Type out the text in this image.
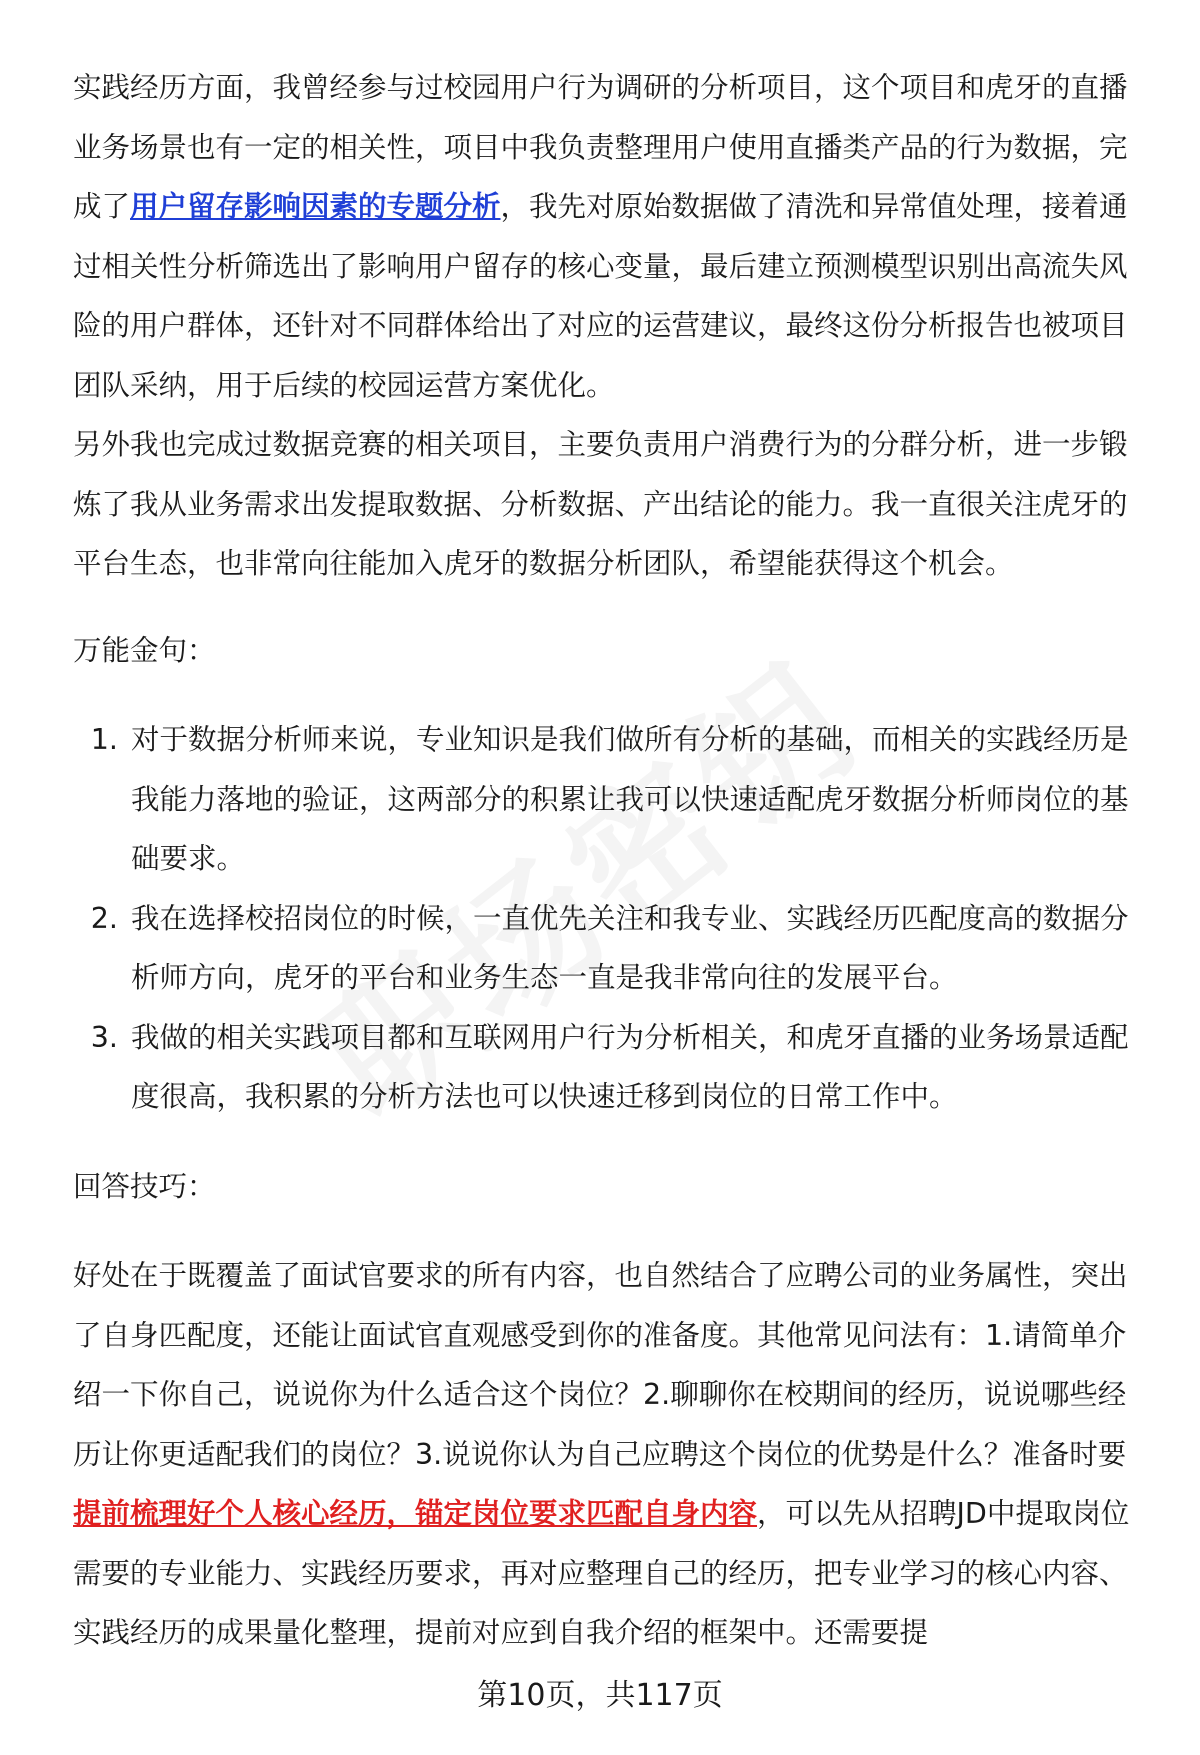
实践经历方面，我曾经参与过校园用户行为调研的分析项目，这个项目和虎牙的直播业务场景也有一定的相关性，项目中我负责整理用户使用直播类产品的行为数据，完成了用户留存影响因素的专题分析，我先对原始数据做了清洗和异常值处理，接着通过相关性分析筛选出了影响用户留存的核心变量，最后建立预测模型识别出高流失风险的用户群体，还针对不同群体给出了对应的运营建议，最终这份分析报告也被项目团队采纳，用于后续的校园运营方案优化。

另外我也完成过数据竞赛的相关项目，主要负责用户消费行为的分群分析，进一步锻炼了我从业务需求出发提取数据、分析数据、产出结论的能力。我一直很关注虎牙的平台生态，也非常向往能加入虎牙的数据分析团队，希望能获得这个机会。

万能金句：

1. 对于数据分析师来说，专业知识是我们做所有分析的基础，而相关的实践经历是我能力落地的验证，这两部分的积累让我可以快速适配虎牙数据分析师岗位的基础要求。
2. 我在选择校招岗位的时候，一直优先关注和我专业、实践经历匹配度高的数据分析师方向，虎牙的平台和业务生态一直是我非常向往的发展平台。
3. 我做的相关实践项目都和互联网用户行为分析相关，和虎牙直播的业务场景适配度很高，我积累的分析方法也可以快速迁移到岗位的日常工作中。

回答技巧：

好处在于既覆盖了面试官要求的所有内容，也自然结合了应聘公司的业务属性，突出了自身匹配度，还能让面试官直观感受到你的准备度。其他常见问法有：1.请简单介绍一下你自己，说说你为什么适合这个岗位？2.聊聊你在校期间的经历，说说哪些经历让你更适配我们的岗位？3.说说你认为自己应聘这个岗位的优势是什么？准备时要提前梳理好个人核心经历，锚定岗位要求匹配自身内容，可以先从招聘JD中提取岗位需要的专业能力、实践经历要求，再对应整理自己的经历，把专业学习的核心内容、实践经历的成果量化整理，提前对应到自我介绍的框架中。还需要提

第10页，共117页
